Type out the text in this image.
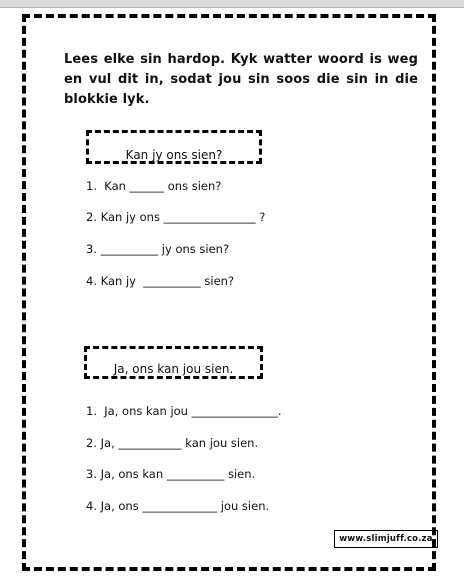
Lees elke sin hardop. Kyk watter woord is weg en vul dit in, sodat jou sin soos die sin in die blokkie lyk.
Kan jy ons sien?
1.  Kan ______ ons sien?
2. Kan jy ons ________________ ?
3. __________ jy ons sien?
4. Kan jy  __________ sien?
Ja, ons kan jou sien.
1.  Ja, ons kan jou _______________.
2. Ja, ___________ kan jou sien.
3. Ja, ons kan __________ sien.
4. Ja, ons _____________ jou sien.
www.slimjuff.co.za
